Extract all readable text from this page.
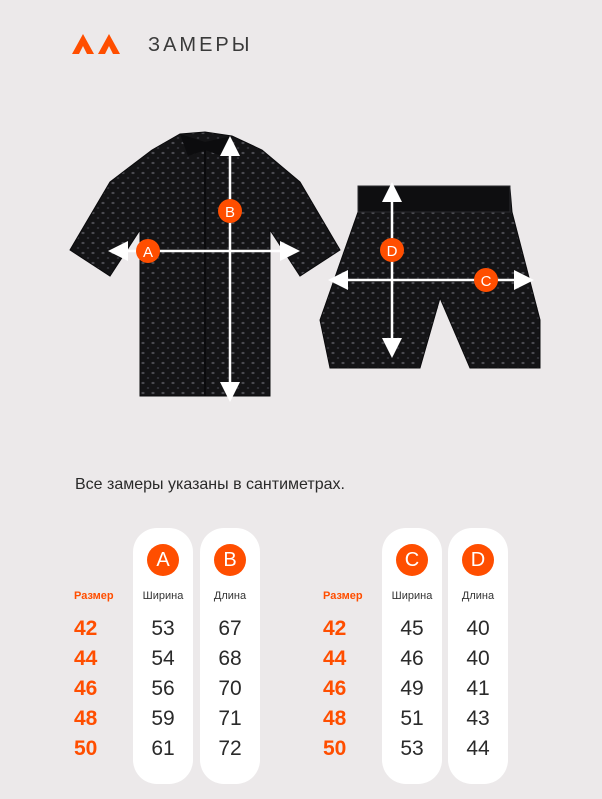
ЗАМЕРЫ
A
B
C
D
Все замеры указаны в сантиметрах.
Размер
42
44
46
48
50
A
Ширина
53
54
56
59
61
B
Длина
67
68
70
71
72
Размер
42
44
46
48
50
C
Ширина
45
46
49
51
53
D
Длина
40
40
41
43
44
